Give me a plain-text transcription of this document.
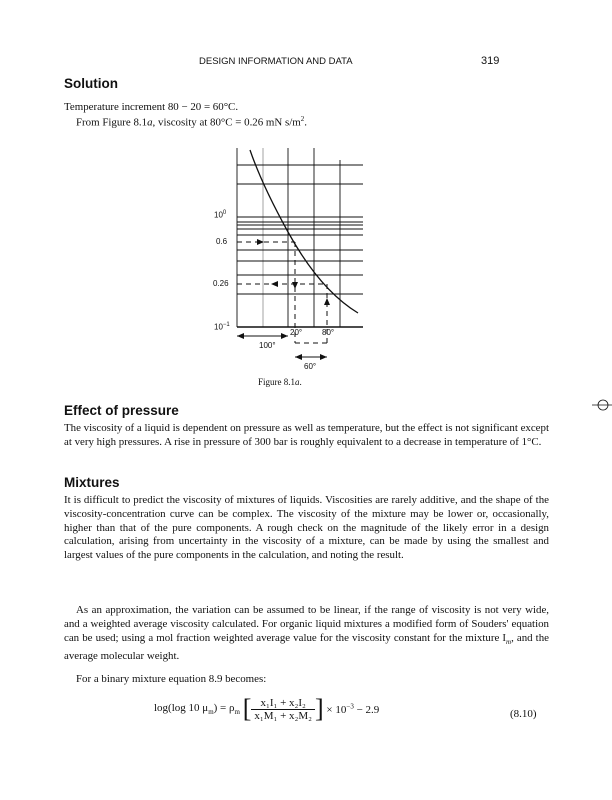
DESIGN INFORMATION AND DATA	319
Solution
Temperature increment 80 − 20 = 60°C.
From Figure 8.1a, viscosity at 80°C = 0.26 mN $s/m^2$.
$10^0$
0.6
0.26
$10^{-1}$
20° 80°
100°
60°
Figure 8.1a.
Effect of pressure

The viscosity of a liquid is dependent on pressure as well as temperature, but the effect is not significant except at very high pressures. A rise in pressure of 300 bar is roughly equivalent to a decrease in temperature of 1°C.

Mixtures

It is difficult to predict the viscosity of mixtures of liquids. Viscosities are rarely additive, and the shape of the viscosity-concentration curve can be complex. The viscosity of the mixture may be lower or, occasionally, higher than that of the pure components. A rough check on the magnitude of the likely error in a design calculation, arising from uncertainty in the viscosity of a mixture, can be made by using the smallest and largest values of the pure components in the calculation, and noting the result.

As an approximation, the variation can be assumed to be linear, if the range of viscosity is not very wide, and a weighted average viscosity calculated. For organic liquid mixtures a modified form of Souders' equation can be used; using a mol fraction weighted average value for the viscosity constant for the mixture $I_m$, and the average molecular weight.

For a binary mixture equation 8.9 becomes:

log(log 10 $\mu_m) = \rho_m$ [ $\frac{\text{x₁I₁ + x₂I₂}}{\text{x₁M₁ + x₂M₂}}$ ] × $10^{-3} - 2.9$	(8.10)
